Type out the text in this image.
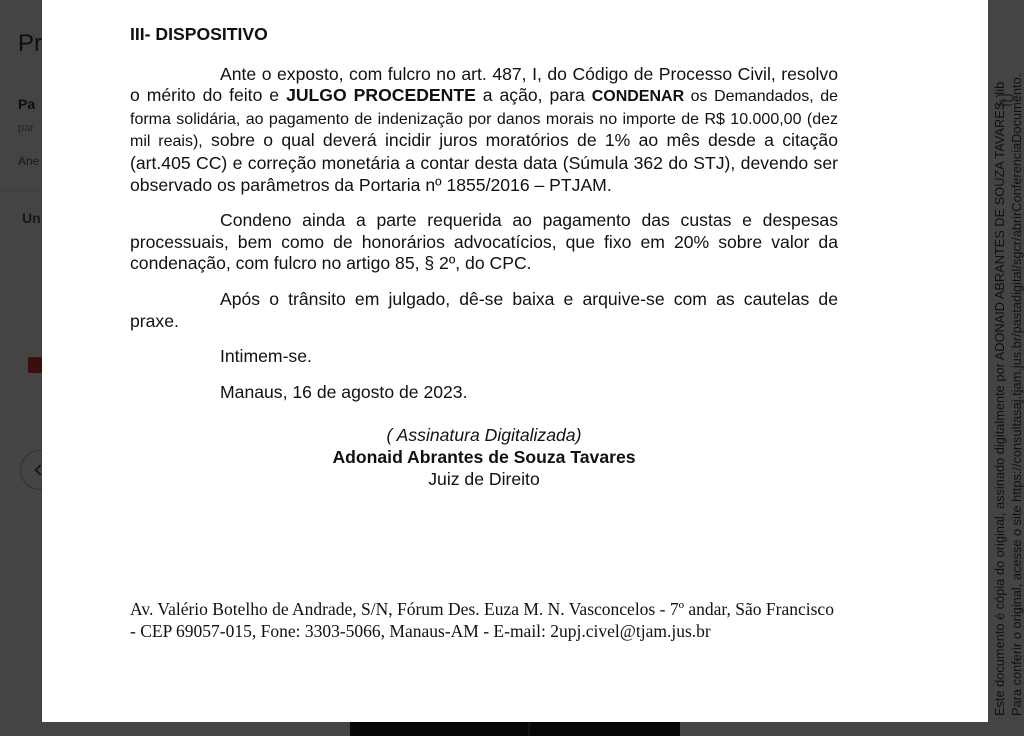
III- DISPOSITIVO

Ante o exposto, com fulcro no art. 487, I, do Código de Processo Civil, resolvo o mérito do feito e JULGO PROCEDENTE a ação, para CONDENAR os Demandados, de forma solidária, ao pagamento de indenização por danos morais no importe de R$ 10.000,00 (dez mil reais), sobre o qual deverá incidir juros moratórios de 1% ao mês desde a citação (art.405 CC) e correção monetária a contar desta data (Súmula 362 do STJ), devendo ser observado os parâmetros da Portaria nº 1855/2016 – PTJAM.

Condeno ainda a parte requerida ao pagamento das custas e despesas processuais, bem como de honorários advocatícios, que fixo em 20% sobre valor da condenação, com fulcro no artigo 85, § 2º, do CPC.

Após o trânsito em julgado, dê-se baixa e arquive-se com as cautelas de praxe.

Intimem-se.

Manaus, 16 de agosto de 2023.

( Assinatura Digitalizada)
Adonaid Abrantes de Souza Tavares
Juiz de Direito
Av. Valério Botelho de Andrade, S/N, Fórum Des. Euza M. N. Vasconcelos - 7º andar, São Francisco - CEP 69057-015, Fone: 3303-5066, Manaus-AM - E-mail: 2upj.civel@tjam.jus.br	Este documento é cópia do original, assinado digitalmente por ADONAID ABRANTES DE SOUZA TAVARES, lib Para conferir o original, acesse o site https://consultasaj.tjam.jus.br/pastadigital/sgcr/abrirConferenciaDocumento.
